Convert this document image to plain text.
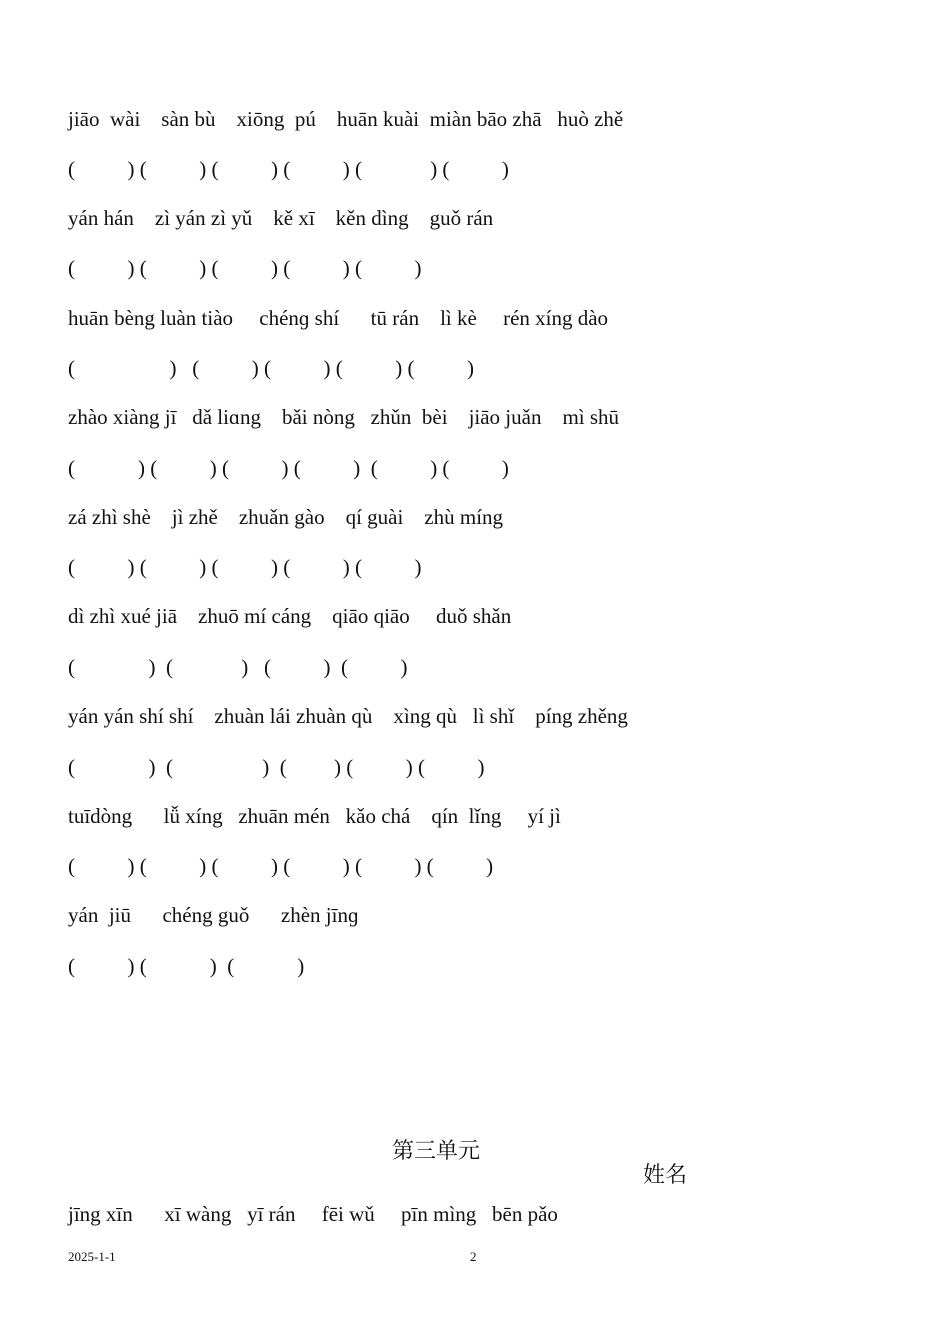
jiāo  wài    sàn bù    xiōng  pú    huān kuài  miàn bāo zhā   huò zhě

(          ) (          ) (          ) (          ) (             ) (          )

yán hán    zì yán zì yǔ    kě xī    kěn dìng    guǒ rán

(          ) (          ) (          ) (          ) (          )

huān bèng luàn tiào     chénɡ shí      tū rán    lì kè     rén xíng dào

(                  )   (          ) (          ) (          ) (          )

zhào xiàng jī   dǎ liɑng    bǎi nòng   zhǔn  bèi    jiāo juǎn    mì shū

(            ) (          ) (          ) (          )  (          ) (          )

zá zhì shè    jì zhě    zhuǎn gào    qí guài    zhù míng

(          ) (          ) (          ) (          ) (          )

dì zhì xué jiā    zhuō mí cáng    qiāo qiāo     duǒ shǎn

(              )  (             )   (          )  (          )

yán yán shí shí    zhuàn lái zhuàn qù    xìng qù   lì shǐ    píng zhěng

(              )  (                 )  (         ) (          ) (          )

tuīdòng      lǚ xíng   zhuān mén   kǎo chá    qín  lǐng     yí jì

(          ) (          ) (          ) (          ) (          ) (          )

yán  jiū      chéng guǒ      zhèn jīnɡ

(          ) (            )  (            )

第三单元
姓名

jīng xīn      xī wàng   yī rán     fēi wǔ     pīn mìng   bēn pǎo

2025-1-1	2
